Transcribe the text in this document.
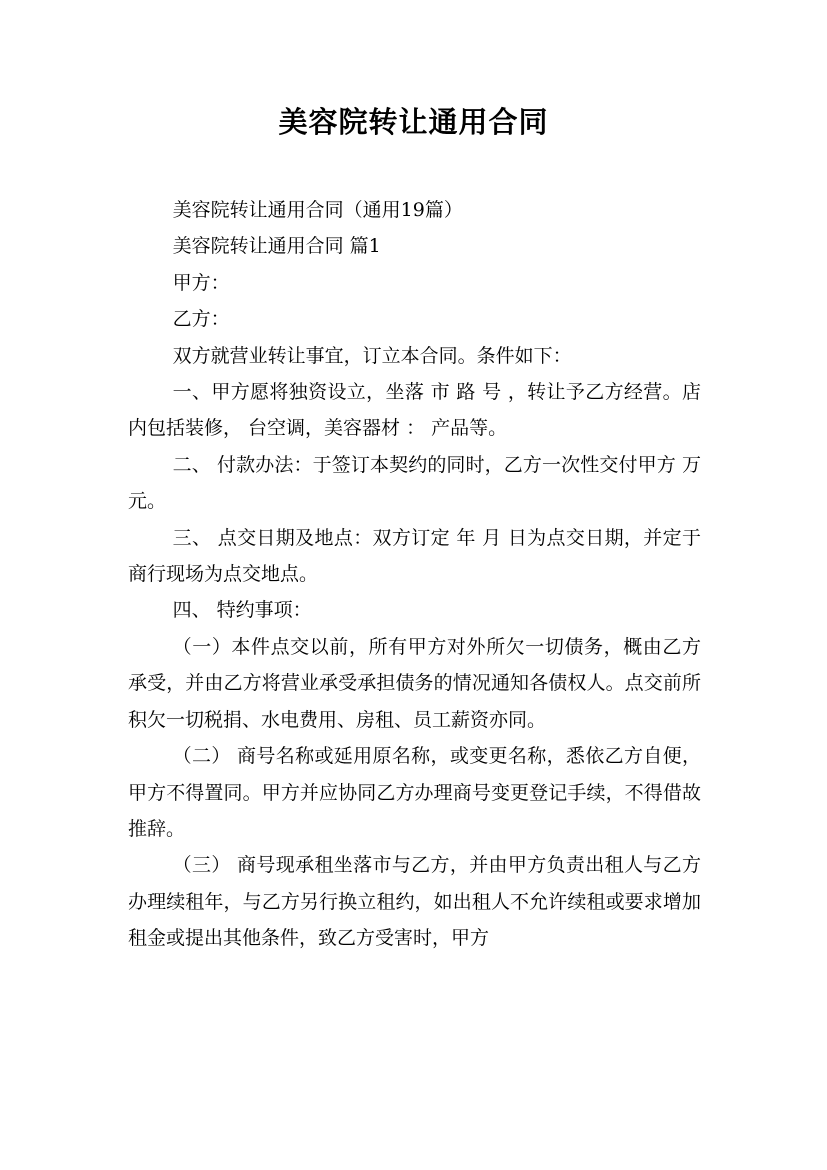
美容院转让通用合同

美容院转让通用合同（通用19篇）

美容院转让通用合同 篇1

甲方：

乙方：

双方就营业转让事宜，订立本合同。条件如下：

一、甲方愿将独资设立，坐落 市 路 号 ，转让予乙方经营。店内包括装修， 台空调，美容器材 ： 产品等。

二、 付款办法：于签订本契约的同时，乙方一次性交付甲方 万元。

三、 点交日期及地点：双方订定 年 月 日为点交日期，并定于商行现场为点交地点。

四、 特约事项：

（一）本件点交以前，所有甲方对外所欠一切债务，概由乙方承受，并由乙方将营业承受承担债务的情况通知各债权人。点交前所积欠一切税捐、水电费用、房租、员工薪资亦同。

（二） 商号名称或延用原名称，或变更名称，悉依乙方自便，甲方不得置同。甲方并应协同乙方办理商号变更登记手续，不得借故推辞。

（三） 商号现承租坐落市与乙方，并由甲方负责出租人与乙方办理续租年，与乙方另行换立租约，如出租人不允许续租或要求增加租金或提出其他条件，致乙方受害时，甲方
